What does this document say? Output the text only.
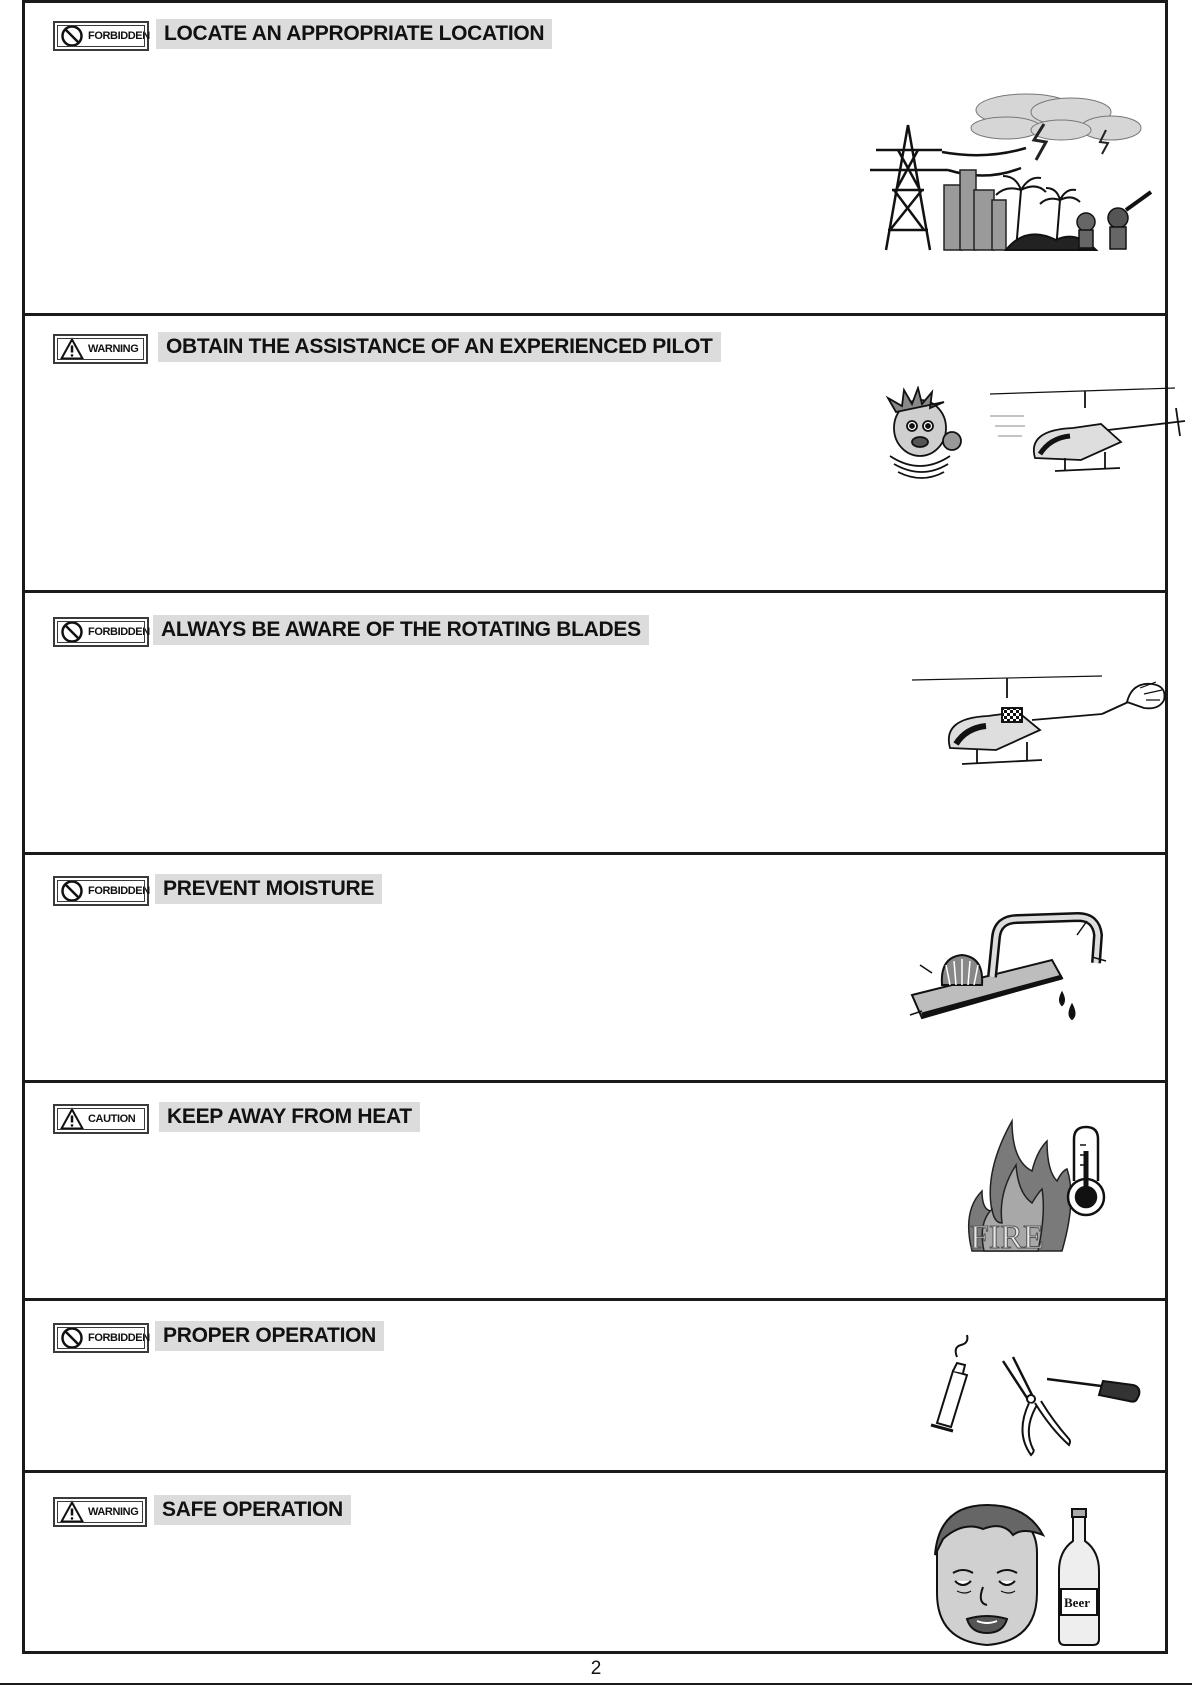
FORBIDDEN LOCATE AN APPROPRIATE LOCATION
WARNING	OBTAIN THE ASSISTANCE OF AN EXPERIENCED PILOT
FORBIDDEN ALWAYS BE AWARE OF THE ROTATING BLADES
FORBIDDEN PREVENT MOISTURE
CAUTION	KEEP AWAY FROM HEAT
FIRE
FORBIDDEN PROPER OPERATION
WARNING	SAFE OPERATION
Beer
2
